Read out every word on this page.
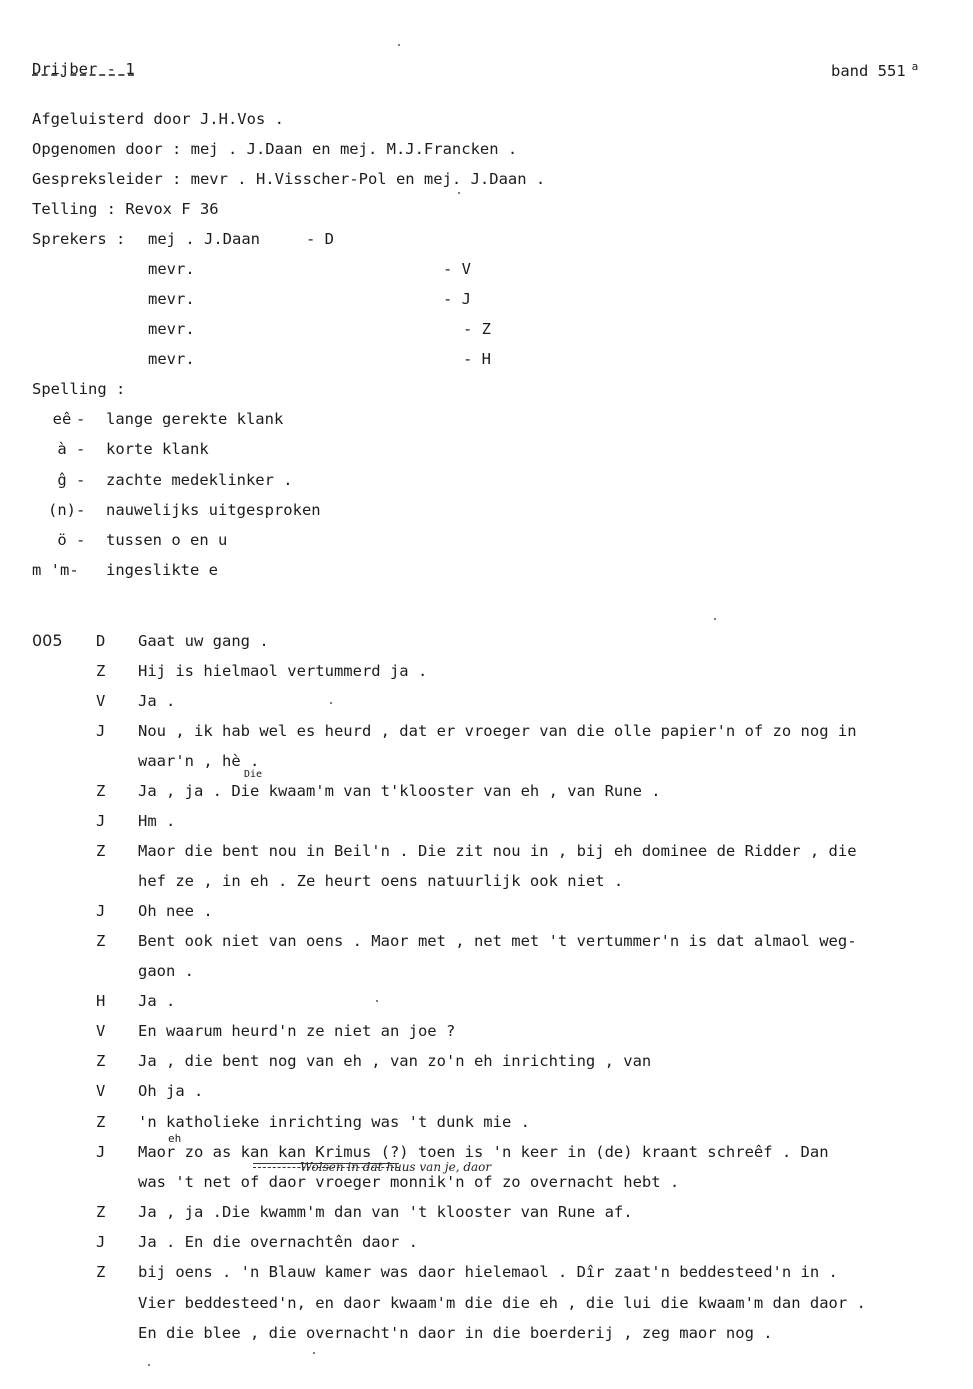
Drijber - 1	band 551 $^a$
Afgeluisterd door J.H.Vos .
Opgenomen door : mej . J.Daan en mej. M.J.Francken .
Gespreksleider : mevr . H.Visscher-Pol en mej. J.Daan .
Telling : Revox F 36
Sprekers : mej . J.Daan	- D
mevr.	- V
mevr.	- J
mevr.	- Z
mevr.	- H
Spelling :
eê - lange gerekte klank
à - korte klank
ĝ - zachte medeklinker .
(n) - nauwelijks uitgesproken
ö - tussen o en u
m 'm- ingeslikte e
005 D Gaat uw gang .
Z Hij is hielmaol vertummerd ja .
V Ja .
J Nou , ik hab wel es heurd , dat er vroeger van die olle papier'n of zo nog in
waar'n , hè .
Z Ja , ja . Die kwaam'm van t'klooster van eh , van Rune .
J Hm .
Z Maor die bent nou in Beil'n . Die zit nou in , bij eh dominee de Ridder , die
hef ze , in eh . Ze heurt oens natuurlijk ook niet .
J Oh nee .
Z Bent ook niet van oens . Maor met , net met 't vertummer'n is dat almaol weg-
gaon .
H Ja .
V En waarum heurd'n ze niet an joe ?
Z Ja , die bent nog van eh , van zo'n eh inrichting , van
V Oh ja .
Z 'n katholieke inrichting was 't dunk mie .
J Maor zo as kan kan Krimus (?) toen is 'n keer in (de) kraant schreêf . Dan
was 't net of daor vroeger monnik'n of zo overnacht hebt .
Z Ja , ja .Die kwamm'm dan van 't klooster van Rune af.
J Ja . En die overnachtên daor .
Z bij oens . 'n Blauw kamer was daor hielemaol . Dîr zaat'n beddesteed'n in .
Vier beddesteed'n, en daor kwaam'm die die eh , die lui die kwaam'm dan daor .
En die blee , die overnacht'n daor in die boerderij , zeg maor nog .
Die
eh
Wolsen in dat huus van je, daor
